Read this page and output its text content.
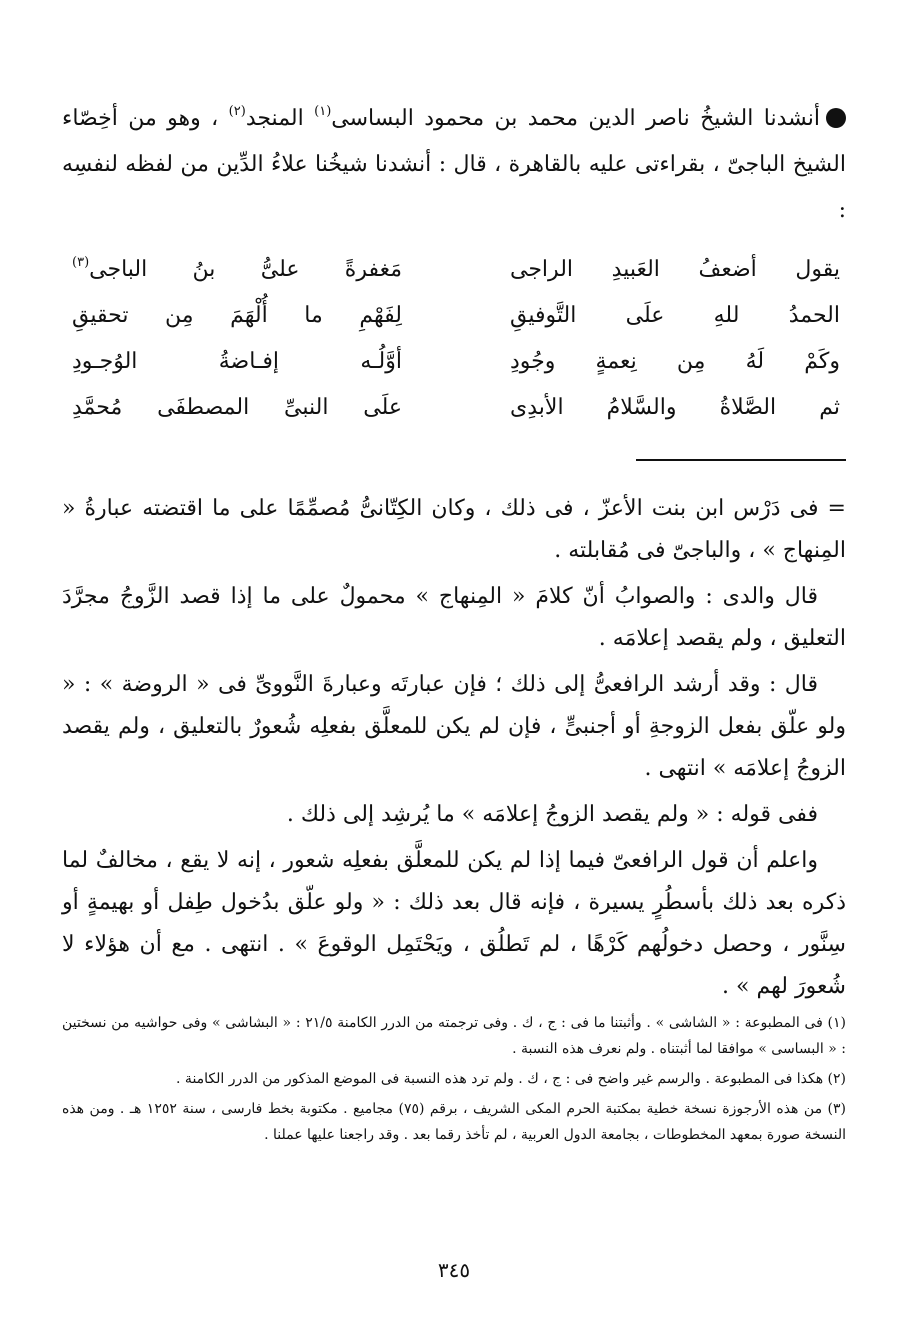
أنشدنا الشيخُ ناصر الدين محمد بن محمود البساسى$^{(١)}$ المنجد$^{(٢)}$ ، وهو من أخِصّاء الشيخ الباجىّ ، بقراءتى عليه بالقاهرة ، قال : أنشدنا شيخُنا علاءُ الدِّين من لفظه لنفسِه :

يقول أضعفُ العَبيدِ الراجى
مَغفرةً علىُّ بنُ الباجى$^{(٣)}$
الحمدُ للهِ علَى التَّوفيقِ
لِفَهْمِ ما أُلْهَمَ مِن تحقيقِ
وكَمْ لَهُ مِن نِعمةٍ وجُودِ
أوَّلُـه إفـاضةُ الوُجـودِ
ثم الصَّلاةُ والسَّلامُ الأبدِى
علَى النبىِّ المصطفَى مُحمَّدِ

= فى دَرْس ابن بنت الأعزّ ، فى ذلك ، وكان الكِتّانىُّ مُصمِّمًا على ما اقتضته عبارةُ « المِنهاج » ، والباجىّ فى مُقابلته .

قال والدى : والصوابُ أنّ كلامَ « المِنهاج » محمولٌ على ما إذا قصد الزَّوجُ مجرَّدَ التعليق ، ولم يقصد إعلامَه .

قال : وقد أرشد الرافعىُّ إلى ذلك ؛ فإن عبارتَه وعبارةَ النَّووىِّ فى « الروضة » : « ولو علّق بفعل الزوجةِ أو أجنبىٍّ ، فإن لم يكن للمعلَّق بفعلِه شُعورٌ بالتعليق ، ولم يقصد الزوجُ إعلامَه » انتهى .

ففى قوله : « ولم يقصد الزوجُ إعلامَه » ما يُرشِد إلى ذلك .

واعلم أن قول الرافعىّ فيما إذا لم يكن للمعلَّق بفعلِه شعور ، إنه لا يقع ، مخالفٌ لما ذكره بعد ذلك بأسطُرٍ يسيرة ، فإنه قال بعد ذلك : « ولو علّق بدُخول طِفل أو بهيمةٍ أو سِنَّور ، وحصل دخولُهم كَرْهًا ، لم تَطلُق ، ويَحْتَمِل الوقوعَ » . انتهى . مع أن هؤلاء لا شُعورَ لهم » .

(١) فى المطبوعة : « الشاشى » . وأثبتنا ما فى : ج ، ك . وفى ترجمته من الدرر الكامنة ٢١/٥ : « البشاشى » وفى حواشيه من نسختين : « البساسى » موافقا لما أثبتناه . ولم نعرف هذه النسبة .

(٢) هكذا فى المطبوعة . والرسم غير واضح فى : ج ، ك . ولم ترد هذه النسبة فى الموضع المذكور من الدرر الكامنة .

(٣) من هذه الأرجوزة نسخة خطية بمكتبة الحرم المكى الشريف ، برقم (٧٥) مجاميع . مكتوبة بخط فارسى ، سنة ١٢٥٢ هـ . ومن هذه النسخة صورة بمعهد المخطوطات ، بجامعة الدول العربية ، لم تأخذ رقما بعد . وقد راجعنا عليها عملنا .

٣٤٥
